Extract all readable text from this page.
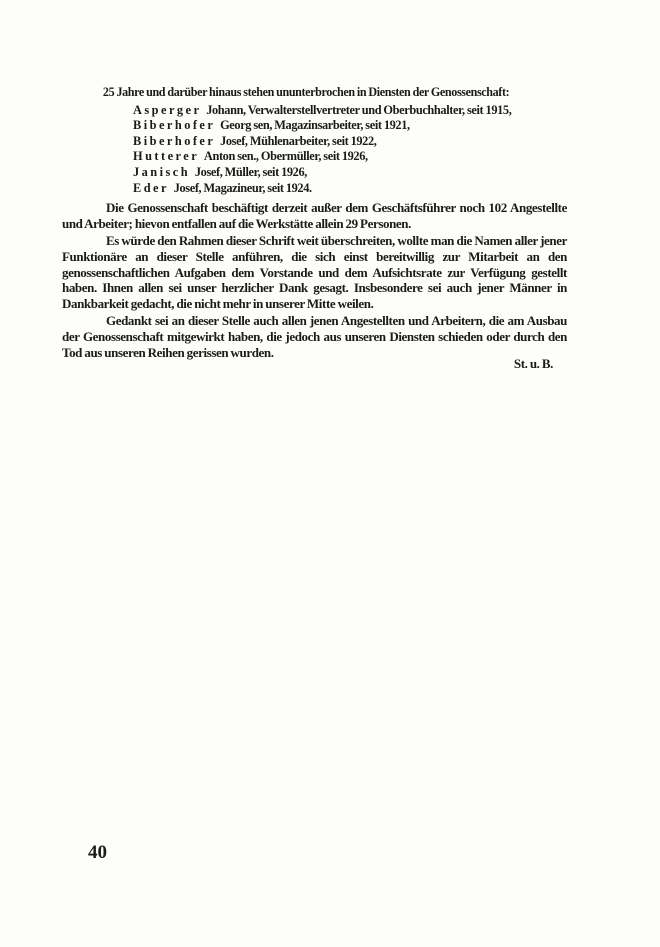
25 Jahre und darüber hinaus stehen ununterbrochen in Diensten der Genossenschaft:

Asperger Johann, Verwalterstellvertreter und Oberbuchhalter, seit 1915,
Biberhofer Georg sen, Magazinsarbeiter, seit 1921,
Biberhofer Josef, Mühlenarbeiter, seit 1922,
Hutterer Anton sen., Obermüller, seit 1926,
Janisch Josef, Müller, seit 1926,
Eder Josef, Magazineur, seit 1924.

Die Genossenschaft beschäftigt derzeit außer dem Geschäftsführer noch 102 Angestellte und Arbeiter; hievon entfallen auf die Werkstätte allein 29 Personen.

Es würde den Rahmen dieser Schrift weit überschreiten, wollte man die Namen aller jener Funktionäre an dieser Stelle anführen, die sich einst bereitwillig zur Mitarbeit an den genossenschaftlichen Aufgaben dem Vorstande und dem Aufsichtsrate zur Verfügung gestellt haben. Ihnen allen sei unser herzlicher Dank gesagt. Insbesondere sei auch jener Männer in Dankbarkeit gedacht, die nicht mehr in unserer Mitte weilen.

Gedankt sei an dieser Stelle auch allen jenen Angestellten und Arbeitern, die am Ausbau der Genossenschaft mitgewirkt haben, die jedoch aus unseren Diensten schieden oder durch den Tod aus unseren Reihen gerissen wurden.

St. u. B.

40
